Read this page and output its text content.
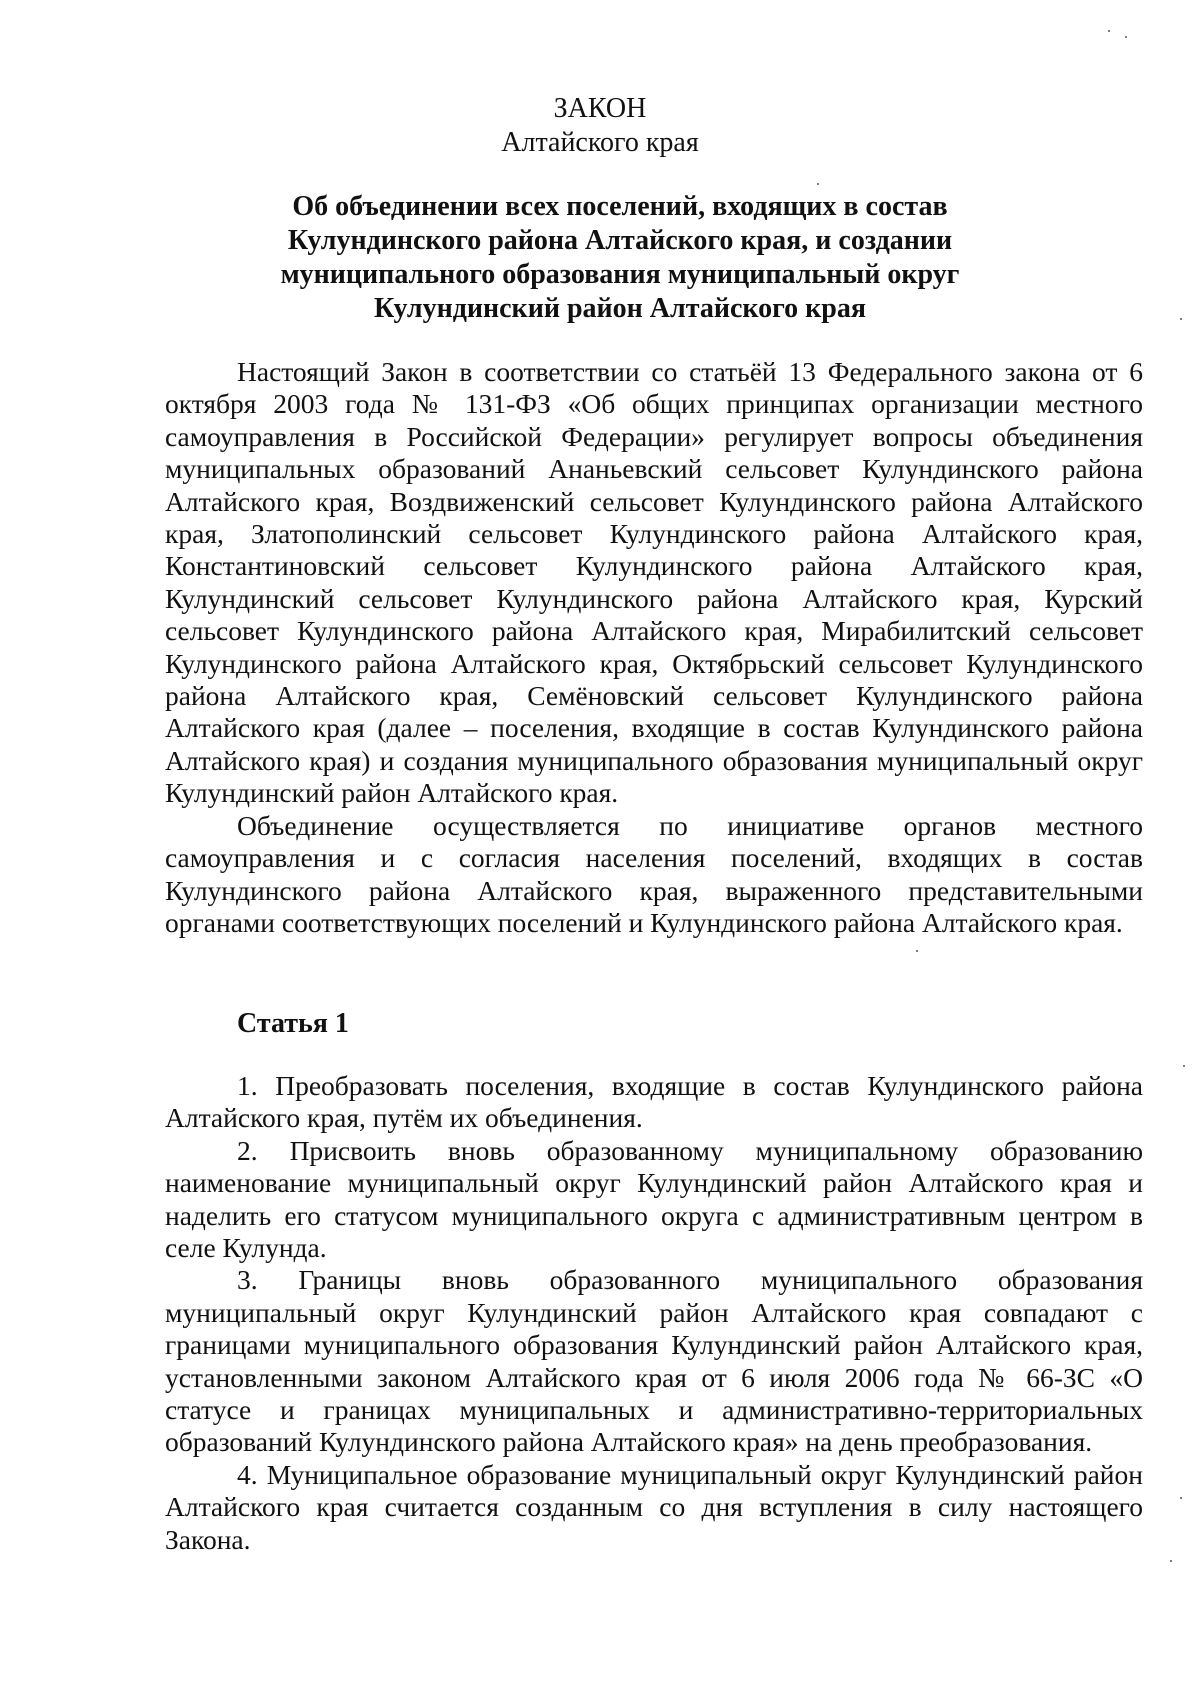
ЗАКОН
Алтайского края
Об объединении всех поселений, входящих в состав
Кулундинского района Алтайского края, и создании
муниципального образования муниципальный округ
Кулундинский район Алтайского края

Настоящий Закон в соответствии со статьёй 13 Федерального закона от 6 октября 2003 года № 131-ФЗ «Об общих принципах организации местного самоуправления в Российской Федерации» регулирует вопросы объединения муниципальных образований Ананьевский сельсовет Кулундинского района Алтайского края, Воздвиженский сельсовет Кулундинского района Алтайского края, Златополинский сельсовет Кулундинского района Алтайского края, Константиновский сельсовет Кулундинского района Алтайского края, Кулундинский сельсовет Кулундинского района Алтайского края, Курский сельсовет Кулундинского района Алтайского края, Мирабилитский сельсовет Кулундинского района Алтайского края, Октябрьский сельсовет Кулундинского района Алтайского края, Семёновский сельсовет Кулундинского района Алтайского края (далее – поселения, входящие в состав Кулундинского района Алтайского края) и создания муниципального образования муниципальный округ Кулундинский район Алтайского края.

Объединение осуществляется по инициативе органов местного самоуправления и с согласия населения поселений, входящих в состав Кулундинского района Алтайского края, выраженного представительными органами соответствующих поселений и Кулундинского района Алтайского края.

Статья 1

1. Преобразовать поселения, входящие в состав Кулундинского района Алтайского края, путём их объединения.

2. Присвоить вновь образованному муниципальному образованию наименование муниципальный округ Кулундинский район Алтайского края и наделить его статусом муниципального округа с административным центром в селе Кулунда.

3. Границы вновь образованного муниципального образования муниципальный округ Кулундинский район Алтайского края совпадают с границами муниципального образования Кулундинский район Алтайского края, установленными законом Алтайского края от 6 июля 2006 года № 66-ЗС «О статусе и границах муниципальных и административно-территориальных образований Кулундинского района Алтайского края» на день преобразования.

4. Муниципальное образование муниципальный округ Кулундинский район Алтайского края считается созданным со дня вступления в силу настоящего Закона.
